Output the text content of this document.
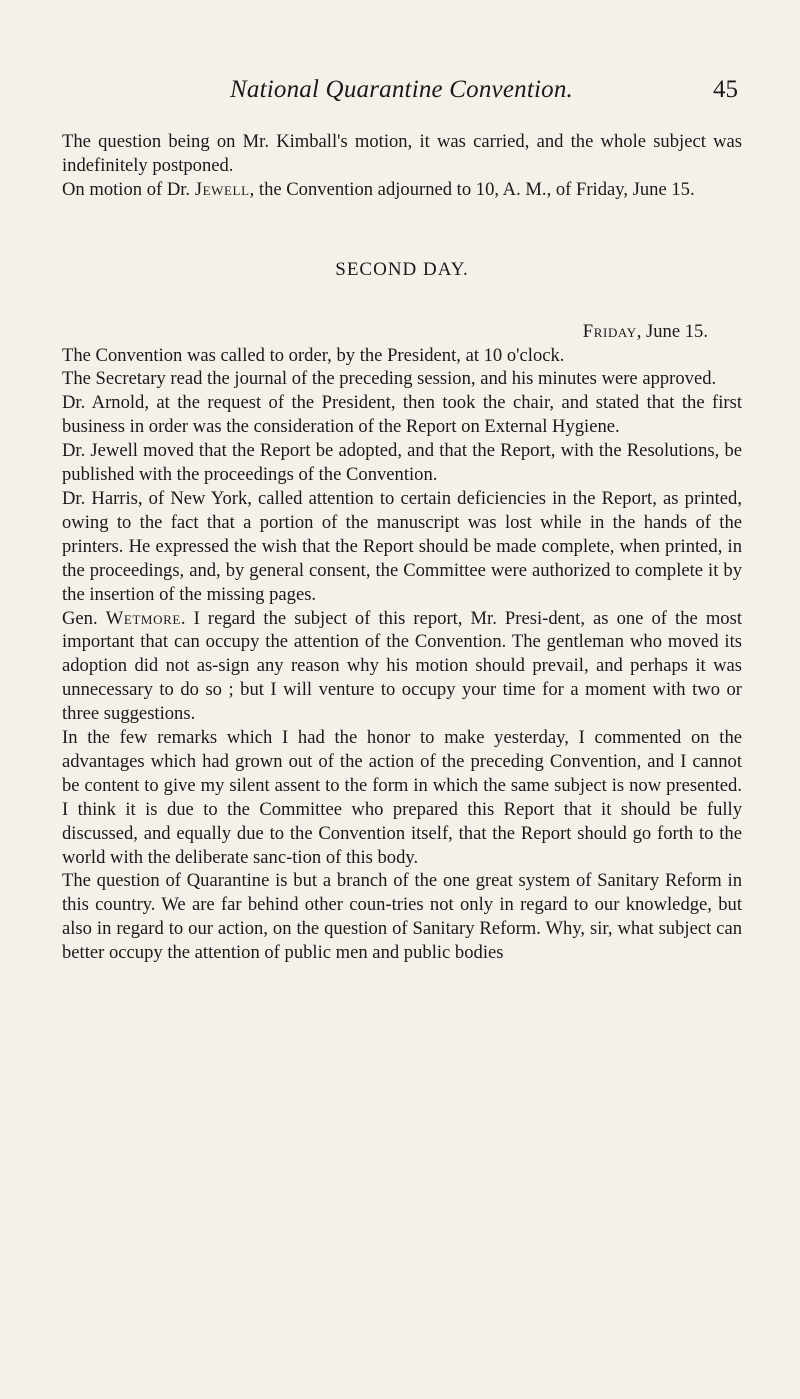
National Quarantine Convention.	45

The question being on Mr. Kimball's motion, it was carried, and the whole subject was indefinitely postponed.

On motion of Dr. Jewell, the Convention adjourned to 10, A. M., of Friday, June 15.

SECOND DAY.

Friday, June 15.

The Convention was called to order, by the President, at 10 o'clock.

The Secretary read the journal of the preceding session, and his minutes were approved.

Dr. Arnold, at the request of the President, then took the chair, and stated that the first business in order was the consideration of the Report on External Hygiene.

Dr. Jewell moved that the Report be adopted, and that the Report, with the Resolutions, be published with the proceedings of the Convention.

Dr. Harris, of New York, called attention to certain deficiencies in the Report, as printed, owing to the fact that a portion of the manuscript was lost while in the hands of the printers. He expressed the wish that the Report should be made complete, when printed, in the proceedings, and, by general consent, the Committee were authorized to complete it by the insertion of the missing pages.

Gen. Wetmore. I regard the subject of this report, Mr. Presi-dent, as one of the most important that can occupy the attention of the Convention. The gentleman who moved its adoption did not as-sign any reason why his motion should prevail, and perhaps it was unnecessary to do so ; but I will venture to occupy your time for a moment with two or three suggestions.

In the few remarks which I had the honor to make yesterday, I commented on the advantages which had grown out of the action of the preceding Convention, and I cannot be content to give my silent assent to the form in which the same subject is now presented. I think it is due to the Committee who prepared this Report that it should be fully discussed, and equally due to the Convention itself, that the Report should go forth to the world with the deliberate sanc-tion of this body.

The question of Quarantine is but a branch of the one great system of Sanitary Reform in this country. We are far behind other coun-tries not only in regard to our knowledge, but also in regard to our action, on the question of Sanitary Reform. Why, sir, what subject can better occupy the attention of public men and public bodies
